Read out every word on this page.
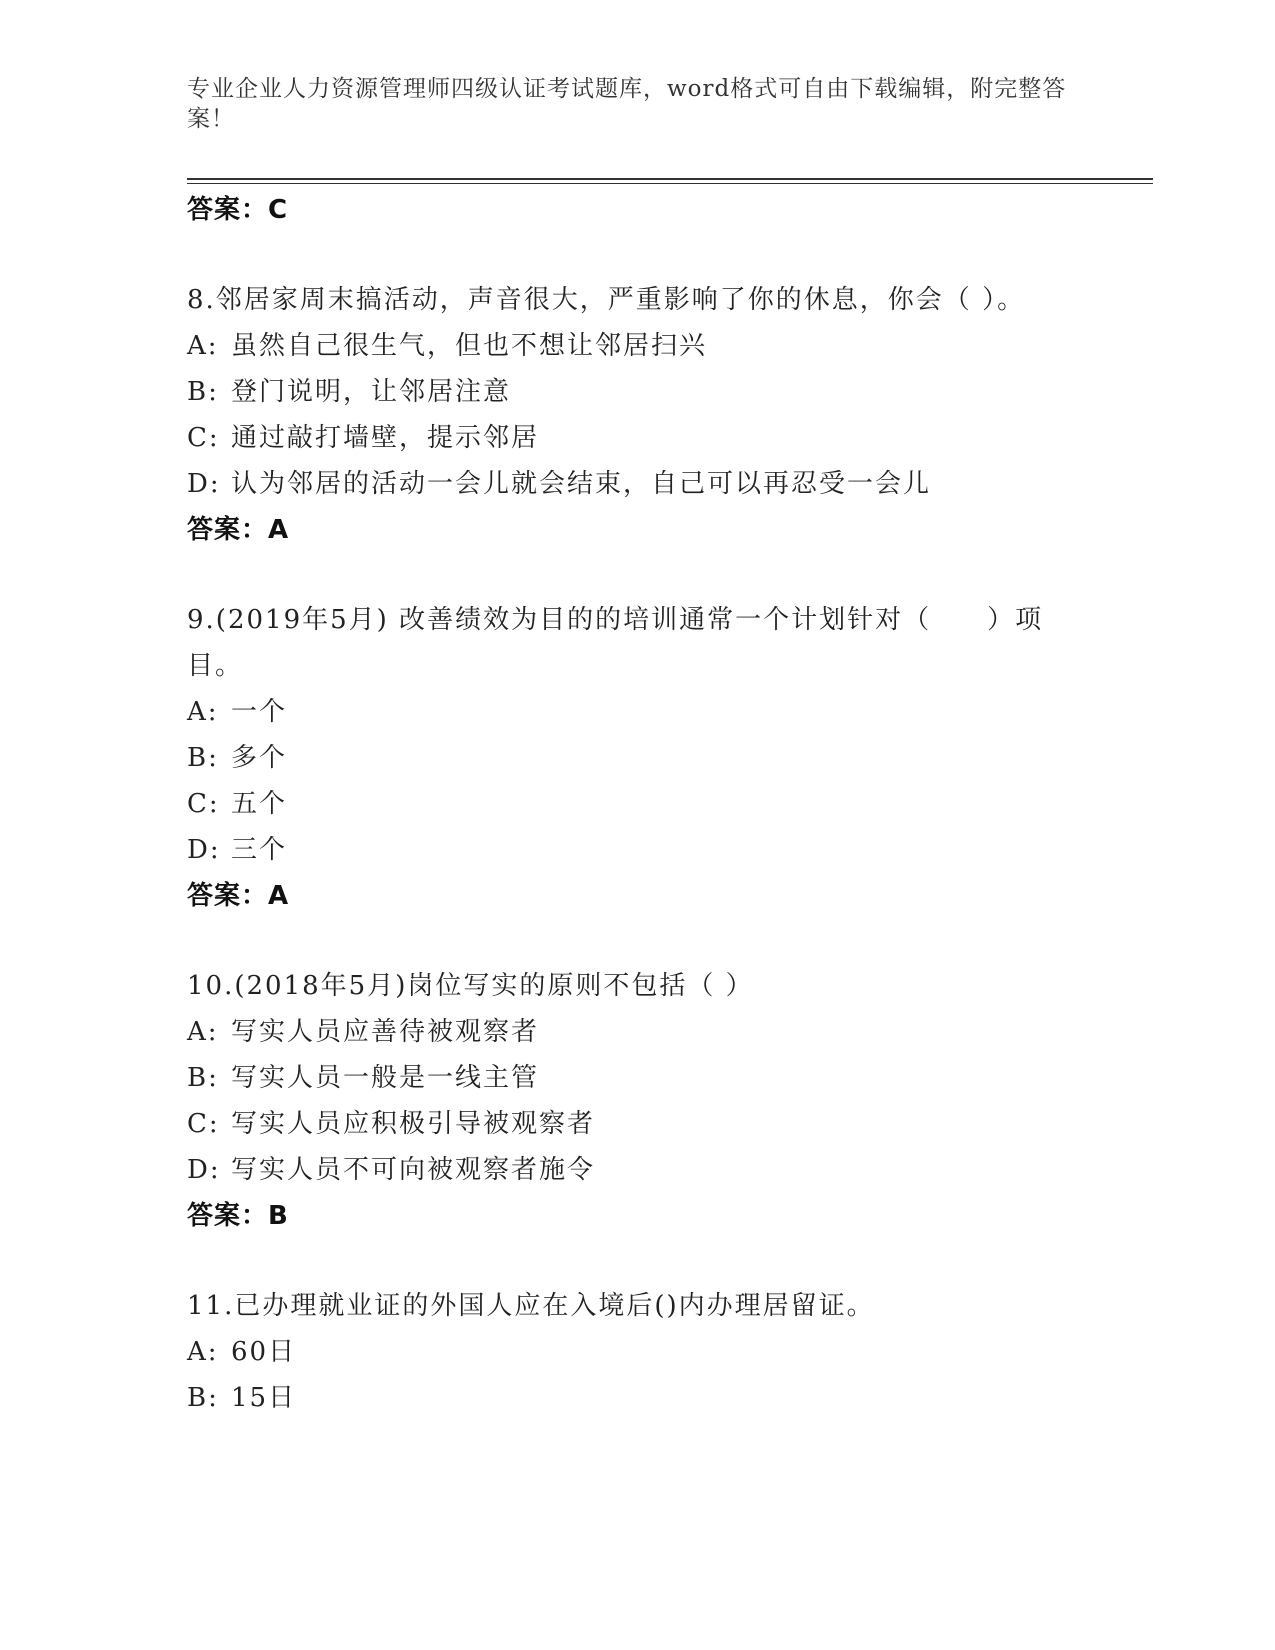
专业企业人力资源管理师四级认证考试题库，word格式可自由下载编辑，附完整答案！
答案：C
8.邻居家周末搞活动，声音很大，严重影响了你的休息，你会（ ）。
A: 虽然自己很生气，但也不想让邻居扫兴
B: 登门说明，让邻居注意
C: 通过敲打墙壁，提示邻居
D: 认为邻居的活动一会儿就会结束，自己可以再忍受一会儿
答案：A
9.(2019年5月) 改善绩效为目的的培训通常一个计划针对（　　）项目。
A: 一个
B: 多个
C: 五个
D: 三个
答案：A
10.(2018年5月)岗位写实的原则不包括（ ）
A: 写实人员应善待被观察者
B: 写实人员一般是一线主管
C: 写实人员应积极引导被观察者
D: 写实人员不可向被观察者施令
答案：B
11.已办理就业证的外国人应在入境后()内办理居留证。
A: 60日
B: 15日
